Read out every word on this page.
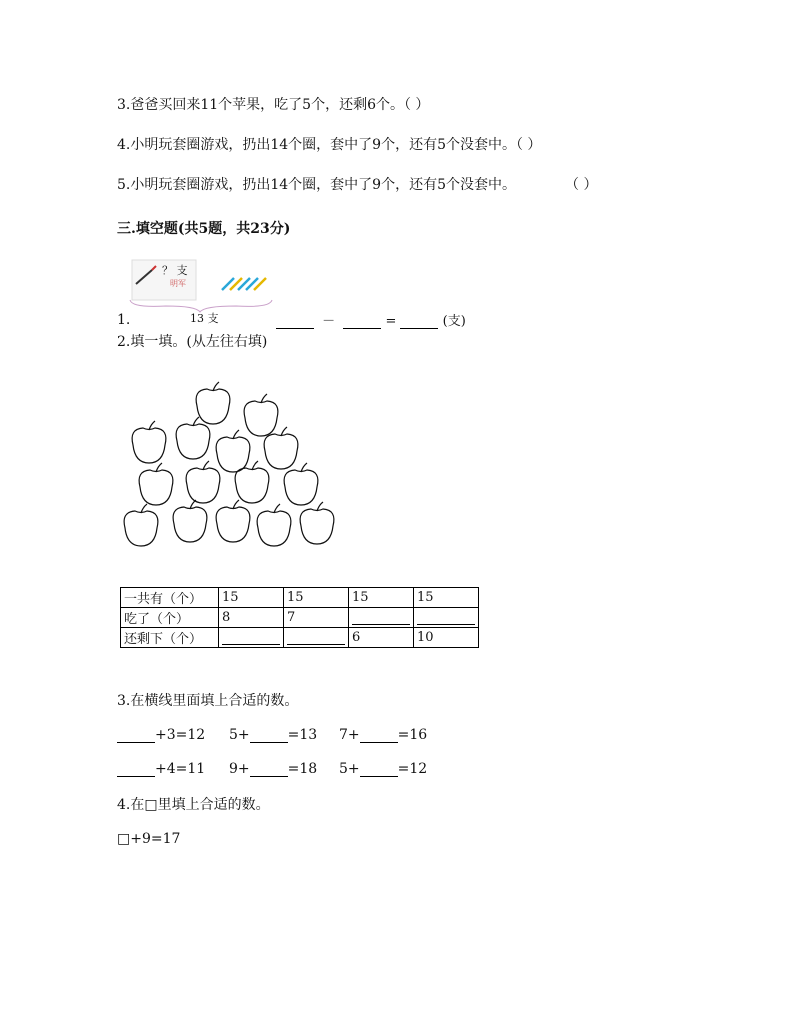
3.爸爸买回来11个苹果，吃了5个，还剩6个。（ ）
4.小明玩套圈游戏，扔出14个圈，套中了9个，还有5个没套中。（ ）
5.小明玩套圈游戏，扔出14个圈，套中了9个，还有5个没套中。	（ ）
三.填空题(共5题，共23分)
？ 支
明军
13 支
1.	－	=	(支)
2.填一填。(从左往右填)
一共有（个）	15	15	15	15
吃了（个）	8	7		
还剩下（个）			6	10
3.在横线里面填上合适的数。
+3=12 5+	=13 7+	=16
+4=11 9+	=18 5+	=12
4.在□里填上合适的数。
□+9=17
